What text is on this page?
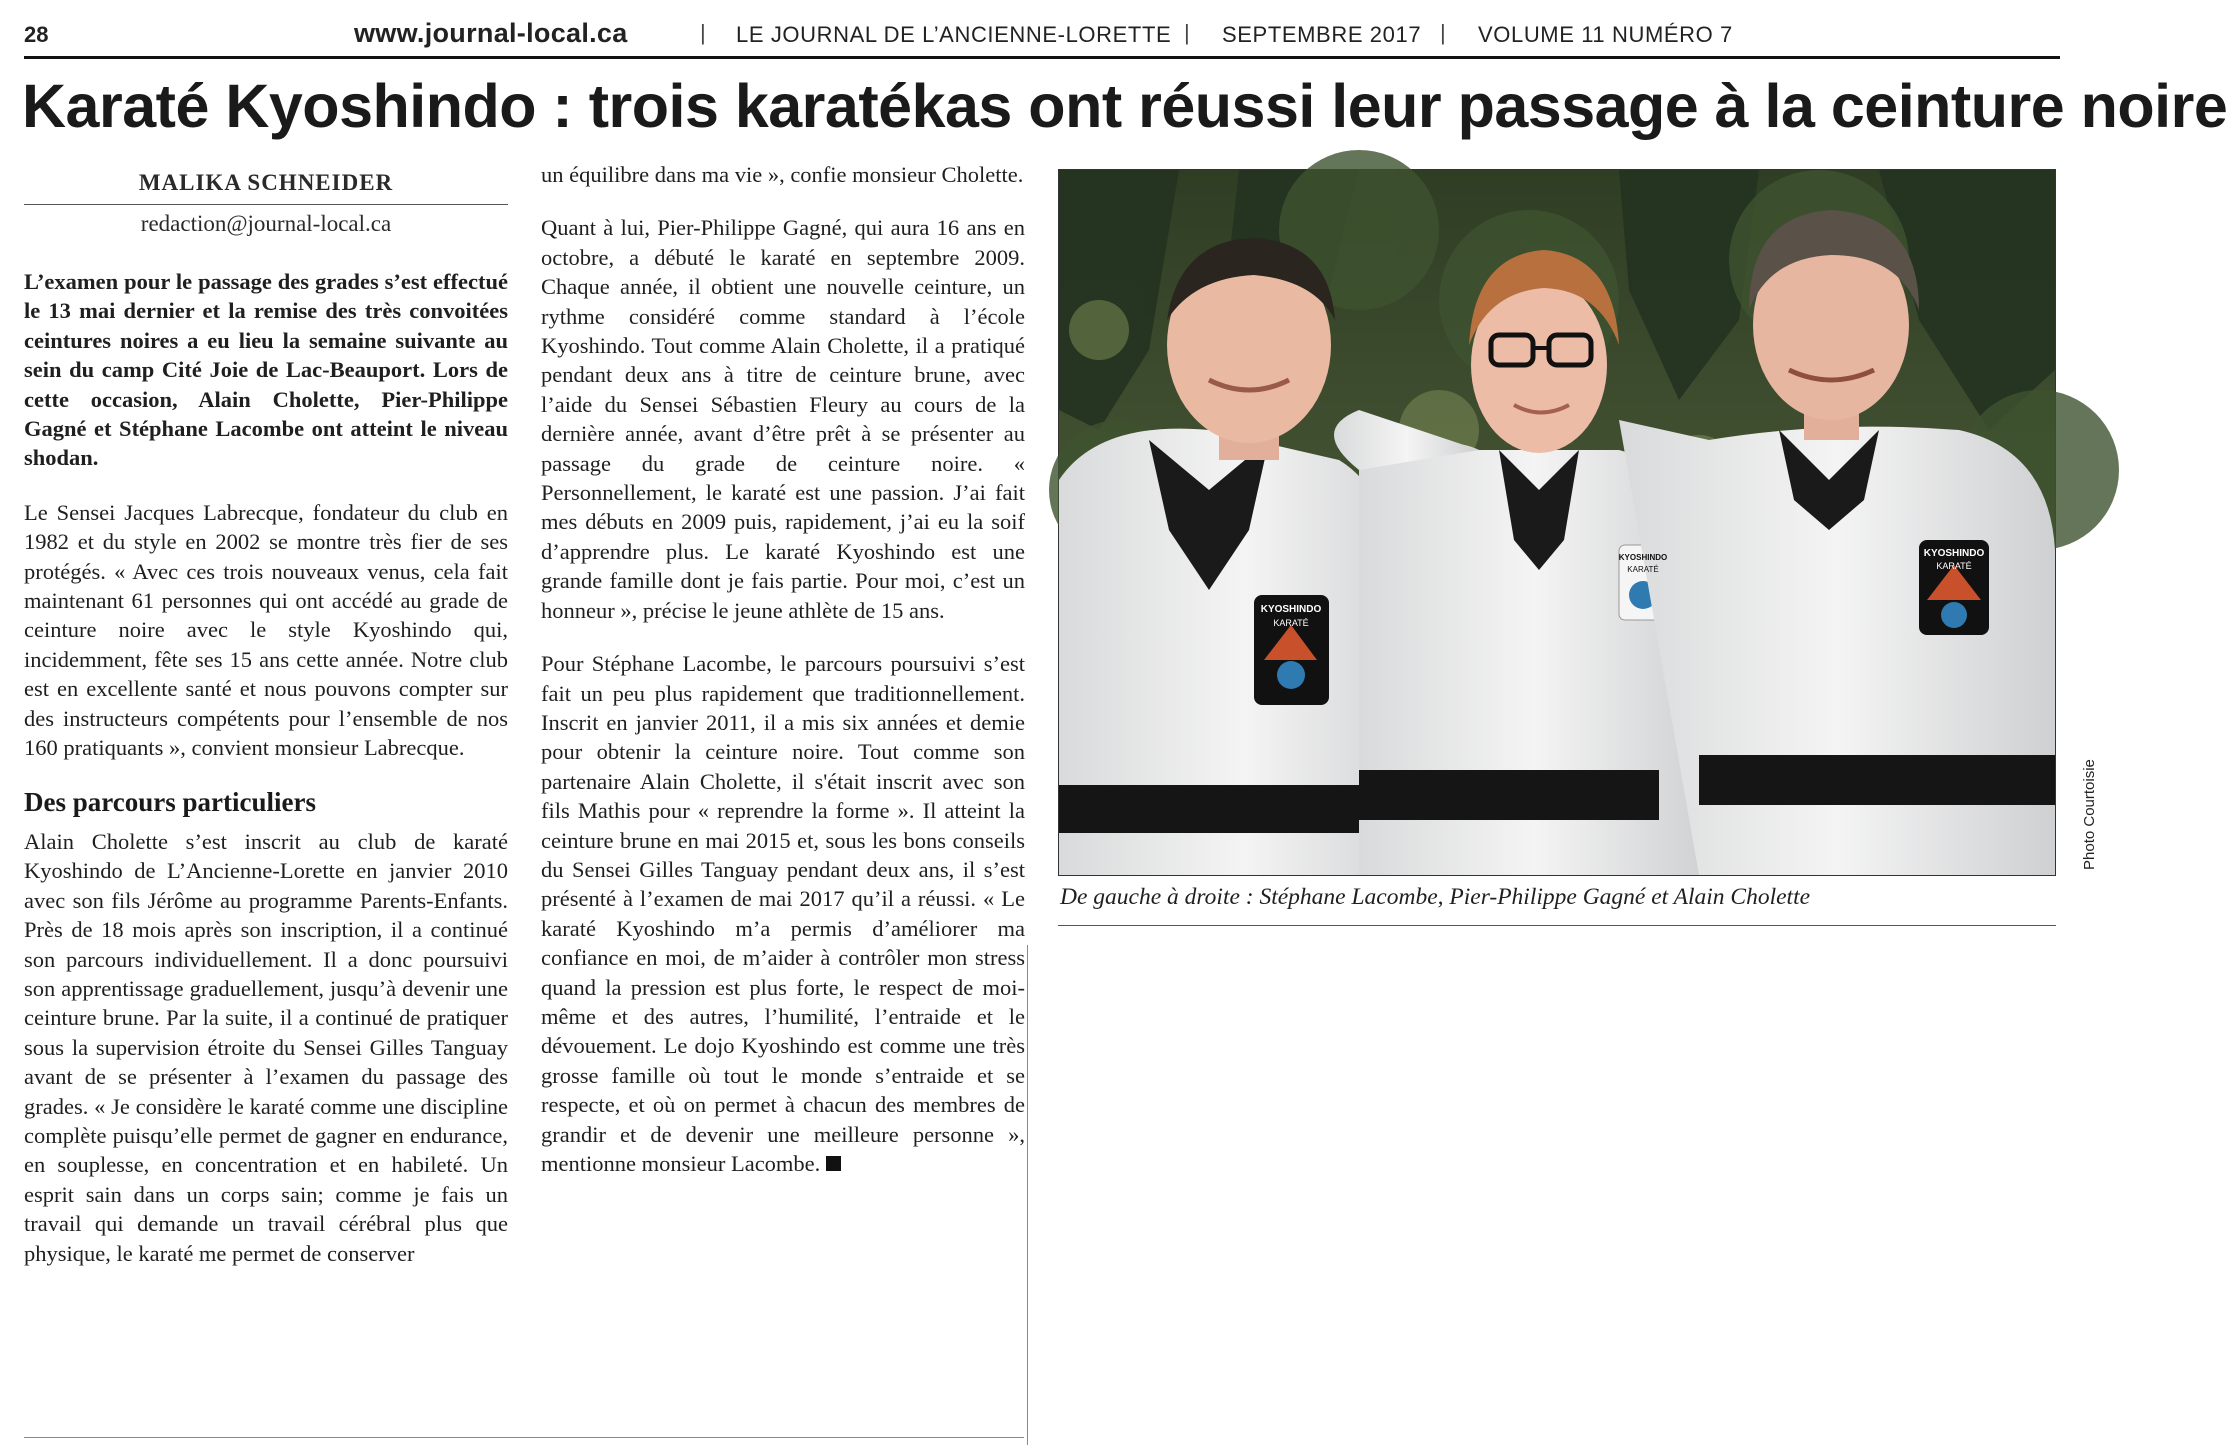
28	www.journal-local.ca	| LE JOURNAL DE L’ANCIENNE-LORETTE | SEPTEMBRE 2017 | VOLUME 11 NUMÉRO 7
Karaté Kyoshindo : trois karatékas ont réussi leur passage à la ceinture noire
MALIKA SCHNEIDER
redaction@journal-local.ca

L’examen pour le passage des grades s’est effectué le 13 mai dernier et la remise des très convoitées ceintures noires a eu lieu la semaine suivante au sein du camp Cité Joie de Lac-Beauport. Lors de cette occasion, Alain Cholette, Pier-Philippe Gagné et Stéphane Lacombe ont atteint le niveau shodan.

Le Sensei Jacques Labrecque, fondateur du club en 1982 et du style en 2002 se montre très fier de ses protégés. « Avec ces trois nouveaux venus, cela fait maintenant 61 personnes qui ont accédé au grade de ceinture noire avec le style Kyoshindo qui, incidemment, fête ses 15 ans cette année. Notre club est en excellente santé et nous pouvons compter sur des instructeurs compétents pour l’ensemble de nos 160 pratiquants », convient monsieur Labrecque.

Des parcours particuliers

Alain Cholette s’est inscrit au club de karaté Kyoshindo de L’Ancienne-Lorette en janvier 2010 avec son fils Jérôme au programme Parents-Enfants. Près de 18 mois après son inscription, il a continué son parcours individuellement. Il a donc poursuivi son apprentissage graduellement, jusqu’à devenir une ceinture brune. Par la suite, il a continué de pratiquer sous la supervision étroite du Sensei Gilles Tanguay avant de se présenter à l’examen du passage des grades. « Je considère le karaté comme une discipline complète puisqu’elle permet de gagner en endurance, en souplesse, en concentration et en habileté. Un esprit sain dans un corps sain; comme je fais un travail qui demande un travail cérébral plus que physique, le karaté me permet de conserver

un équilibre dans ma vie », confie monsieur Cholette.

Quant à lui, Pier-Philippe Gagné, qui aura 16 ans en octobre, a débuté le karaté en septembre 2009. Chaque année, il obtient une nouvelle ceinture, un rythme considéré comme standard à l’école Kyoshindo. Tout comme Alain Cholette, il a pratiqué pendant deux ans à titre de ceinture brune, avec l’aide du Sensei Sébastien Fleury au cours de la dernière année, avant d’être prêt à se présenter au passage du grade de ceinture noire. « Personnellement, le karaté est une passion. J’ai fait mes débuts en 2009 puis, rapidement, j’ai eu la soif d’apprendre plus. Le karaté Kyoshindo est une grande famille dont je fais partie. Pour moi, c’est un honneur », précise le jeune athlète de 15 ans.

Pour Stéphane Lacombe, le parcours poursuivi s’est fait un peu plus rapidement que traditionnellement. Inscrit en janvier 2011, il a mis six années et demie pour obtenir la ceinture noire. Tout comme son partenaire Alain Cholette, il s'était inscrit avec son fils Mathis pour « reprendre la forme ». Il atteint la ceinture brune en mai 2015 et, sous les bons conseils du Sensei Gilles Tanguay pendant deux ans, il s’est présenté à l’examen de mai 2017 qu’il a réussi. « Le karaté Kyoshindo m’a permis d’améliorer ma confiance en moi, de m’aider à contrôler mon stress quand la pression est plus forte, le respect de moi-même et des autres, l’humilité, l’entraide et le dévouement. Le dojo Kyoshindo est comme une très grosse famille où tout le monde s’entraide et se respecte, et où on permet à chacun des membres de grandir et de devenir une meilleure personne », mentionne monsieur Lacombe.

KYOSHINDO
KARATÉ
KYOSHINDO
KARATÉ
KYOSHINDO
KARATÉ
Photo Courtoisie
De gauche à droite : Stéphane Lacombe, Pier-Philippe Gagné et Alain Cholette
